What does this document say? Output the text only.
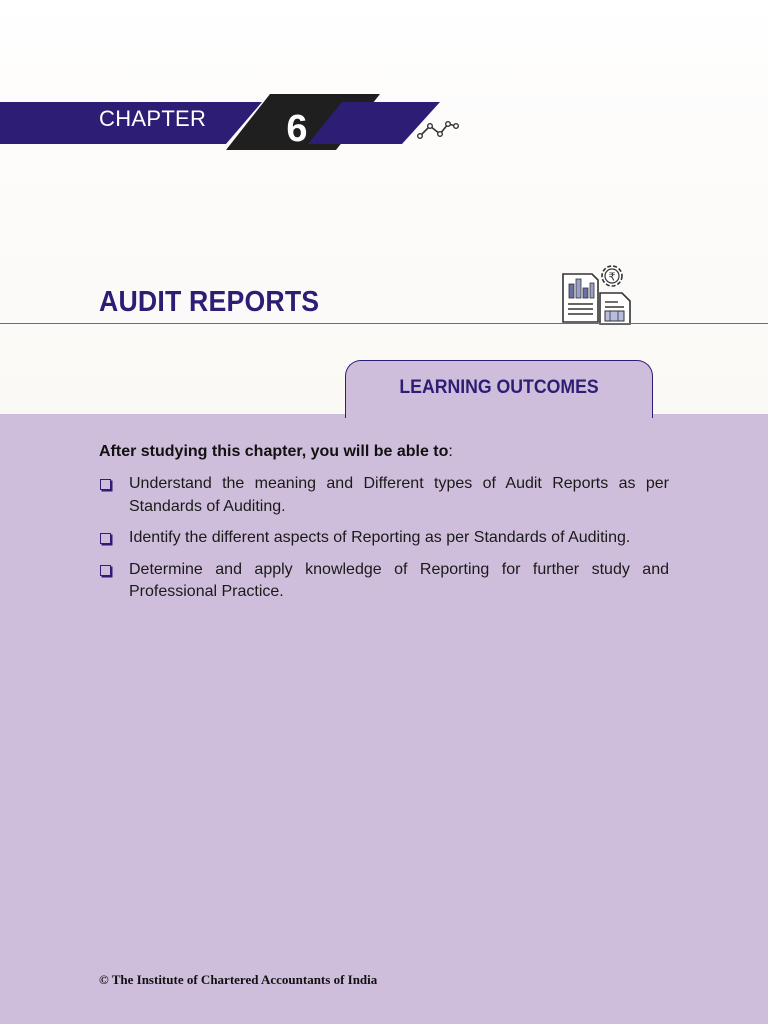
CHAPTER 6
AUDIT REPORTS
₹
LEARNING OUTCOMES

After studying this chapter, you will be able to:

Understand the meaning and Different types of Audit Reports as per Standards of Auditing.
Identify the different aspects of Reporting as per Standards of Auditing.
Determine and apply knowledge of Reporting for further study and Professional Practice.
© The Institute of Chartered Accountants of India
